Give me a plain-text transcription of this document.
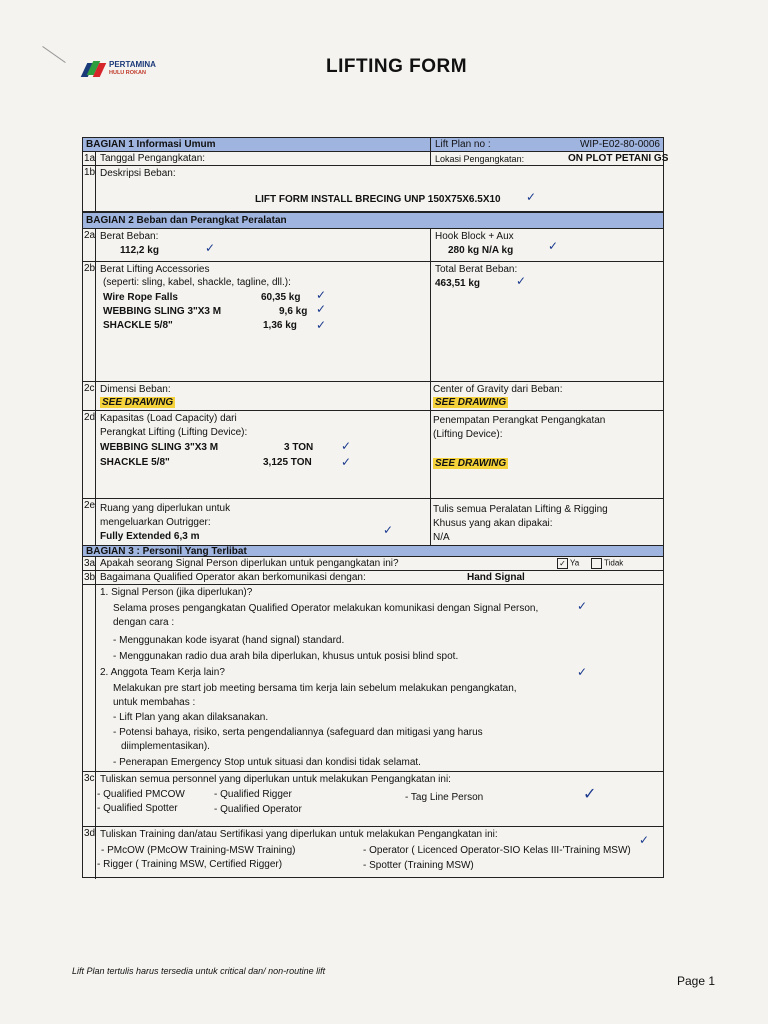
PERTAMINA
HULU ROKAN	LIFTING FORM
BAGIAN 1 Informasi Umum	Lift Plan no :	WIP-E02-80-0006
1a Tanggal Pengangkatan:	Lokasi Pengangkatan:	ON PLOT PETANI GS
1b Deskripsi Beban:
LIFT FORM INSTALL BRECING UNP 150X75X6.5X10 ✓
BAGIAN 2 Beban dan Perangkat Peralatan
2a Berat Beban:
112,2 kg	✓
Hook Block + Aux
280 kg N/A kg	✓
2b Berat Lifting Accessories
(seperti: sling, kabel, shackle, tagline, dll.):
Wire Rope Falls	60,35 kg
WEBBING SLING 3"X3 M	9,6 kg
SHACKLE 5/8"	1,36 kg
✓
✓
✓
Total Berat Beban:
463,51 kg	✓
2c Dimensi Beban:
SEE DRAWING
Center of Gravity dari Beban:
SEE DRAWING
2d Kapasitas (Load Capacity) dari
Perangkat Lifting (Lifting Device):
WEBBING SLING 3"X3 M	3 TON
SHACKLE 5/8"	3,125 TON
✓
✓
Penempatan Perangkat Pengangkatan
(Lifting Device):
SEE DRAWING
2e Ruang yang diperlukan untuk
mengeluarkan Outrigger:
Fully Extended 6,3 m	✓
Tulis semua Peralatan Lifting & Rigging
Khusus yang akan dipakai:
N/A
BAGIAN 3 : Personil Yang Terlibat
3a Apakah seorang Signal Person diperlukan untuk pengangkatan ini?	✓ Ya	Tidak
3b Bagaimana Qualified Operator akan berkomunikasi dengan:	Hand Signal
1. Signal Person (jika diperlukan)?
Selama proses pengangkatan Qualified Operator melakukan komunikasi dengan Signal Person,	✓
dengan cara :
- Menggunakan kode isyarat (hand signal) standard.
- Menggunakan radio dua arah bila diperlukan, khusus untuk posisi blind spot.
2. Anggota Team Kerja lain?	✓
Melakukan pre start job meeting bersama tim kerja lain sebelum melakukan pengangkatan,
untuk membahas :
- Lift Plan yang akan dilaksanakan.
- Potensi bahaya, risiko, serta pengendaliannya (safeguard dan mitigasi yang harus
diimplementasikan).
- Penerapan Emergency Stop untuk situasi dan kondisi tidak selamat.
3c Tuliskan semua personnel yang diperlukan untuk melakukan Pengangkatan ini:
- Qualified PMCOW	- Qualified Rigger	- Tag Line Person
- Qualified Spotter	- Qualified Operator
✓
3d Tuliskan Training dan/atau Sertifikasi yang diperlukan untuk melakukan Pengangkatan ini:	✓
- PMcOW (PMcOW Training-MSW Training)	- Operator ( Licenced Operator-SIO Kelas III-'Training MSW)
- Rigger ( Training MSW, Certified Rigger)	- Spotter (Training MSW)
Lift Plan tertulis harus tersedia untuk critical dan/ non-routine lift
Page 1
